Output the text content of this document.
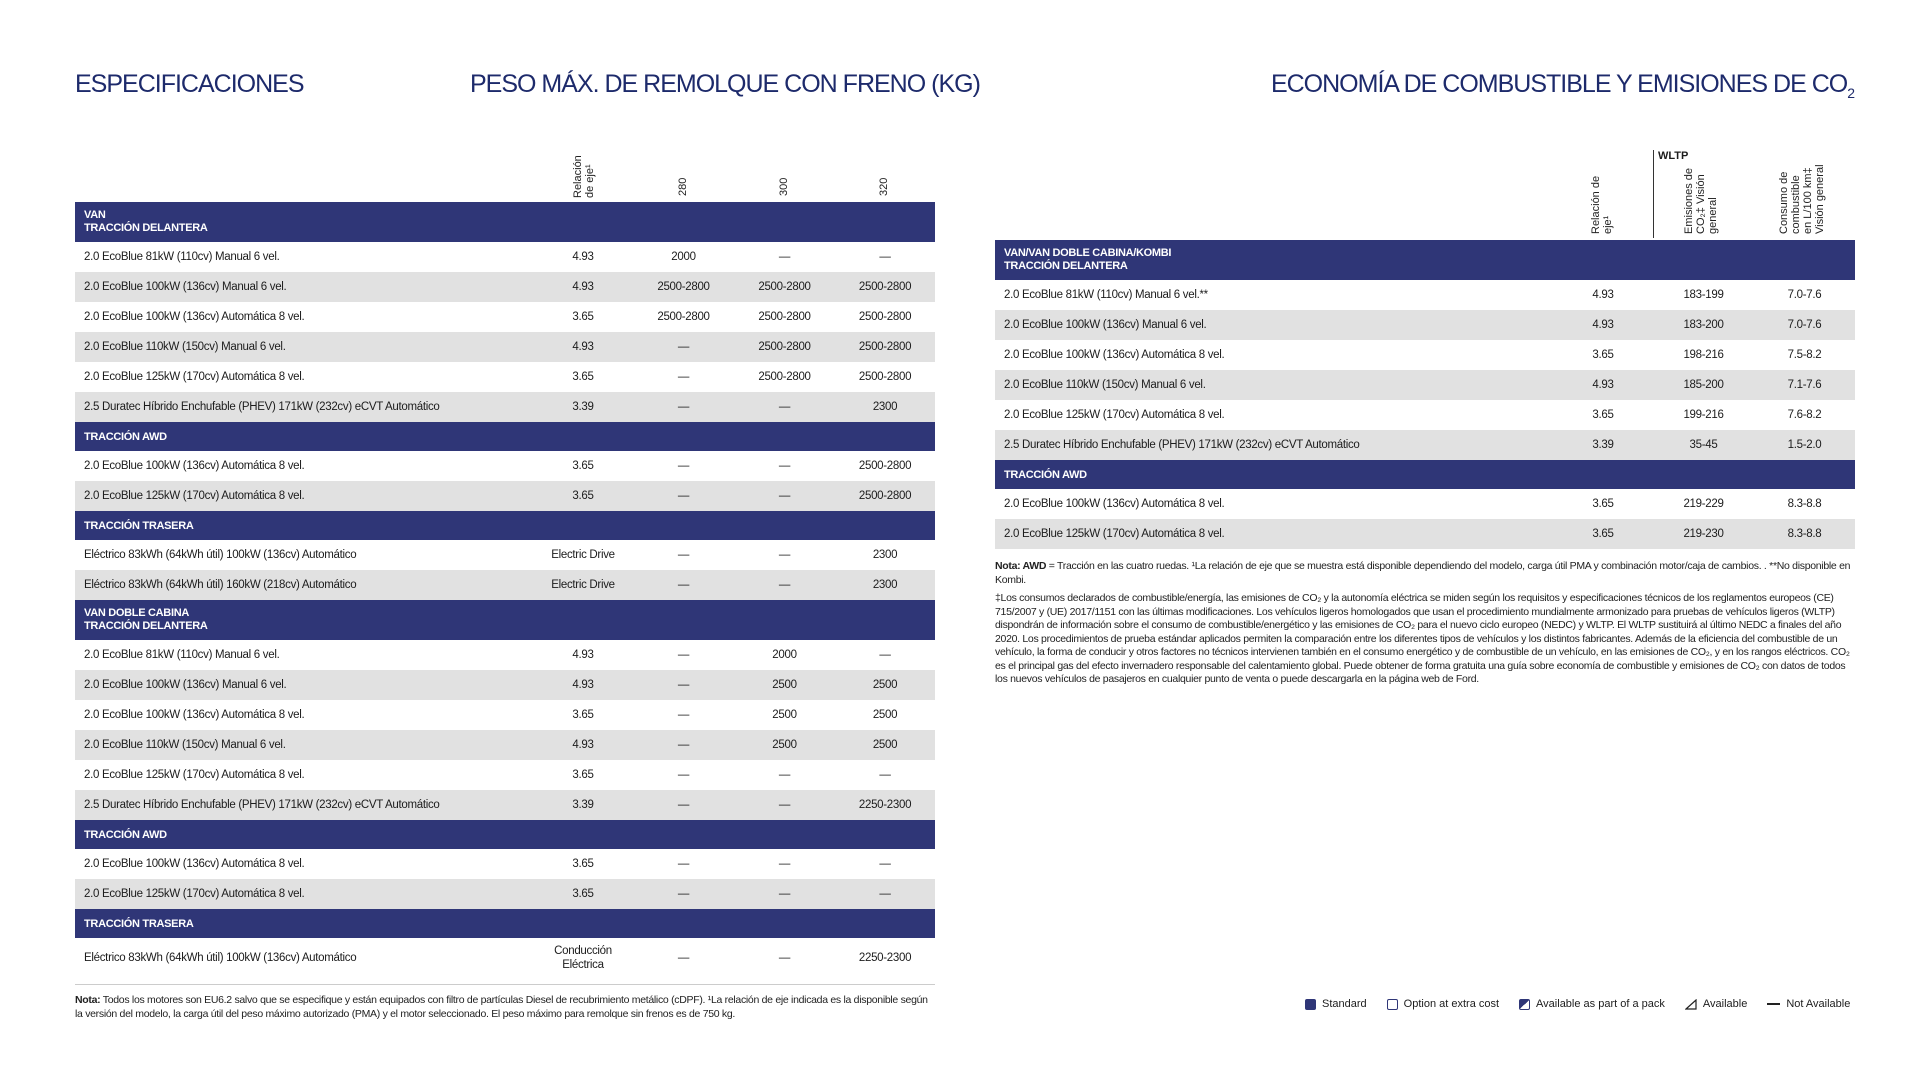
ESPECIFICACIONES	PESO MÁX. DE REMOLQUE CON FRENO (KG)	ECONOMÍA DE COMBUSTIBLE Y EMISIONES DE $CO_2$
Relación de eje¹	280	300	320
VAN
TRACCIÓN DELANTERA				

2.0 EcoBlue 81kW (110cv) Manual 6 vel.	4.93	2000	—	—
2.0 EcoBlue 100kW (136cv) Manual 6 vel.	4.93	2500-2800	2500-2800	2500-2800
2.0 EcoBlue 100kW (136cv) Automática 8 vel.	3.65	2500-2800	2500-2800	2500-2800
2.0 EcoBlue 110kW (150cv) Manual 6 vel.	4.93	—	2500-2800	2500-2800
2.0 EcoBlue 125kW (170cv) Automática 8 vel.	3.65	—	2500-2800	2500-2800
2.5 Duratec Híbrido Enchufable (PHEV) 171kW (232cv) eCVT Automático	3.39	—	—	2300

TRACCIÓN AWD				

2.0 EcoBlue 100kW (136cv) Automática 8 vel.	3.65	—	—	2500-2800
2.0 EcoBlue 125kW (170cv) Automática 8 vel.	3.65	—	—	2500-2800

TRACCIÓN TRASERA				

Eléctrico 83kWh (64kWh útil) 100kW (136cv) Automático	Electric Drive	—	—	2300
Eléctrico 83kWh (64kWh útil) 160kW (218cv) Automático	Electric Drive	—	—	2300

VAN DOBLE CABINA
TRACCIÓN DELANTERA				

2.0 EcoBlue 81kW (110cv) Manual 6 vel.	4.93	—	2000	—
2.0 EcoBlue 100kW (136cv) Manual 6 vel.	4.93	—	2500	2500
2.0 EcoBlue 100kW (136cv) Automática 8 vel.	3.65	—	2500	2500
2.0 EcoBlue 110kW (150cv) Manual 6 vel.	4.93	—	2500	2500
2.0 EcoBlue 125kW (170cv) Automática 8 vel.	3.65	—	—	—
2.5 Duratec Híbrido Enchufable (PHEV) 171kW (232cv) eCVT Automático	3.39	—	—	2250-2300

TRACCIÓN AWD				

2.0 EcoBlue 100kW (136cv) Automática 8 vel.	3.65	—	—	—
2.0 EcoBlue 125kW (170cv) Automática 8 vel.	3.65	—	—	—

TRACCIÓN TRASERA				

Eléctrico 83kWh (64kWh útil) 100kW (136cv) Automático	Conducción Eléctrica	—	—	2250-2300
Nota: Todos los motores son EU6.2 salvo que se especifique y están equipados con filtro de partículas Diesel de recubrimiento metálico (cDPF). ¹La relación de eje indicada es la disponible según la versión del modelo, la carga útil del peso máximo autorizado (PMA) y el motor seleccionado. El peso máximo para remolque sin frenos es de 750 kg.
WLTP
Relación de eje¹	Emisiones de CO₂‡ Visión general	Consumo de combustible en L/100 km‡ Visión general
VAN/VAN DOBLE CABINA/KOMBI
TRACCIÓN DELANTERA			

2.0 EcoBlue 81kW (110cv) Manual 6 vel.**	4.93	183-199	7.0-7.6
2.0 EcoBlue 100kW (136cv) Manual 6 vel.	4.93	183-200	7.0-7.6
2.0 EcoBlue 100kW (136cv) Automática 8 vel.	3.65	198-216	7.5-8.2
2.0 EcoBlue 110kW (150cv) Manual 6 vel.	4.93	185-200	7.1-7.6
2.0 EcoBlue 125kW (170cv) Automática 8 vel.	3.65	199-216	7.6-8.2
2.5 Duratec Híbrido Enchufable (PHEV) 171kW (232cv) eCVT Automático	3.39	35-45	1.5-2.0

TRACCIÓN AWD			

2.0 EcoBlue 100kW (136cv) Automática 8 vel.	3.65	219-229	8.3-8.8
2.0 EcoBlue 125kW (170cv) Automática 8 vel.	3.65	219-230	8.3-8.8
Nota: AWD = Tracción en las cuatro ruedas. ¹La relación de eje que se muestra está disponible dependiendo del modelo, carga útil PMA y combinación motor/caja de cambios. . **No disponible en Kombi.
‡Los consumos declarados de combustible/energía, las emisiones de CO₂ y la autonomía eléctrica se miden según los requisitos y especificaciones técnicos de los reglamentos europeos (CE) 715/2007 y (UE) 2017/1151 con las últimas modificaciones. Los vehículos ligeros homologados que usan el procedimiento mundialmente armonizado para pruebas de vehículos ligeros (WLTP) dispondrán de información sobre el consumo de combustible/energético y las emisiones de CO₂ para el nuevo ciclo europeo (NEDC) y WLTP. El WLTP sustituirá al último NEDC a finales del año 2020. Los procedimientos de prueba estándar aplicados permiten la comparación entre los diferentes tipos de vehículos y los distintos fabricantes. Además de la eficiencia del combustible de un vehículo, la forma de conducir y otros factores no técnicos intervienen también en el consumo energético y de combustible de un vehículo, en las emisiones de CO₂, y en los rangos eléctricos. CO₂ es el principal gas del efecto invernadero responsable del calentamiento global. Puede obtener de forma gratuita una guía sobre economía de combustible y emisiones de CO₂ con datos de todos los nuevos vehículos de pasajeros en cualquier punto de venta o puede descargarla en la página web de Ford.
Standard	Option at extra cost	Available as part of a pack	Available	Not Available
